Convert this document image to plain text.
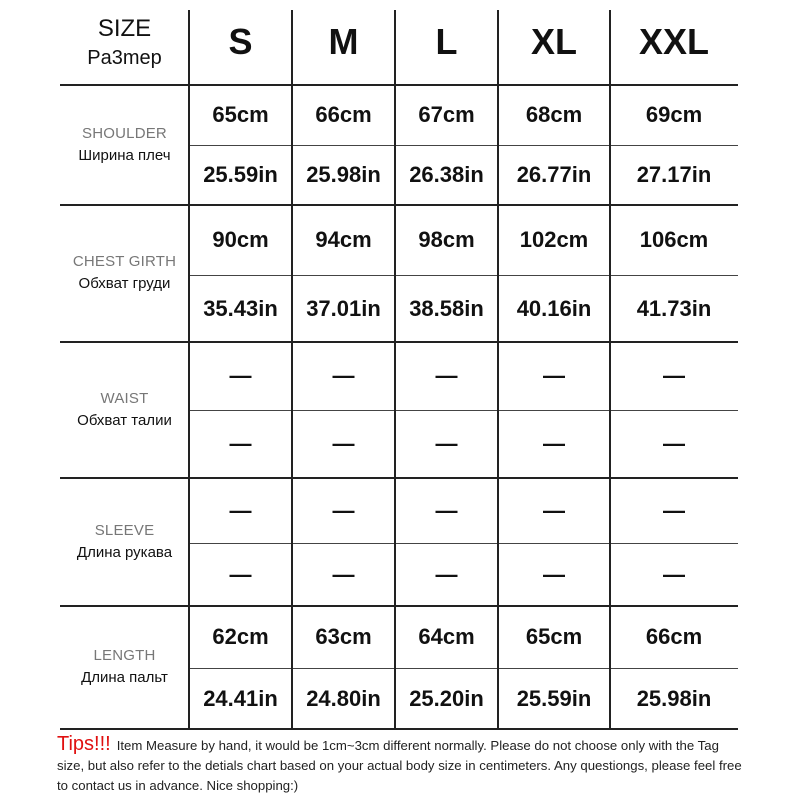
SIZE
Pa3mep	S	M	L	XL	XXL
SHOULDER
Ширина плеч
65cm	66cm	67cm	68cm	69cm
25.59in	25.98in	26.38in	26.77in	27.17in
CHEST GIRTH
Обхват груди
90cm	94cm	98cm	102cm	106cm
35.43in	37.01in	38.58in	40.16in	41.73in
WAIST
Обхват талии
—	—	—	—	—
—	—	—	—	—
SLEEVE
Длина рукава
—	—	—	—	—
—	—	—	—	—
LENGTH
Длина пальт
62cm	63cm	64cm	65cm	66cm
24.41in	24.80in	25.20in	25.59in	25.98in
Tips!!! Item Measure by hand, it would be 1cm~3cm different normally. Please do not choose only with the Tag size, but also refer to the detials chart based on your actual body size in centimeters. Any questiongs, please feel free to contact us in advance. Nice shopping:)
